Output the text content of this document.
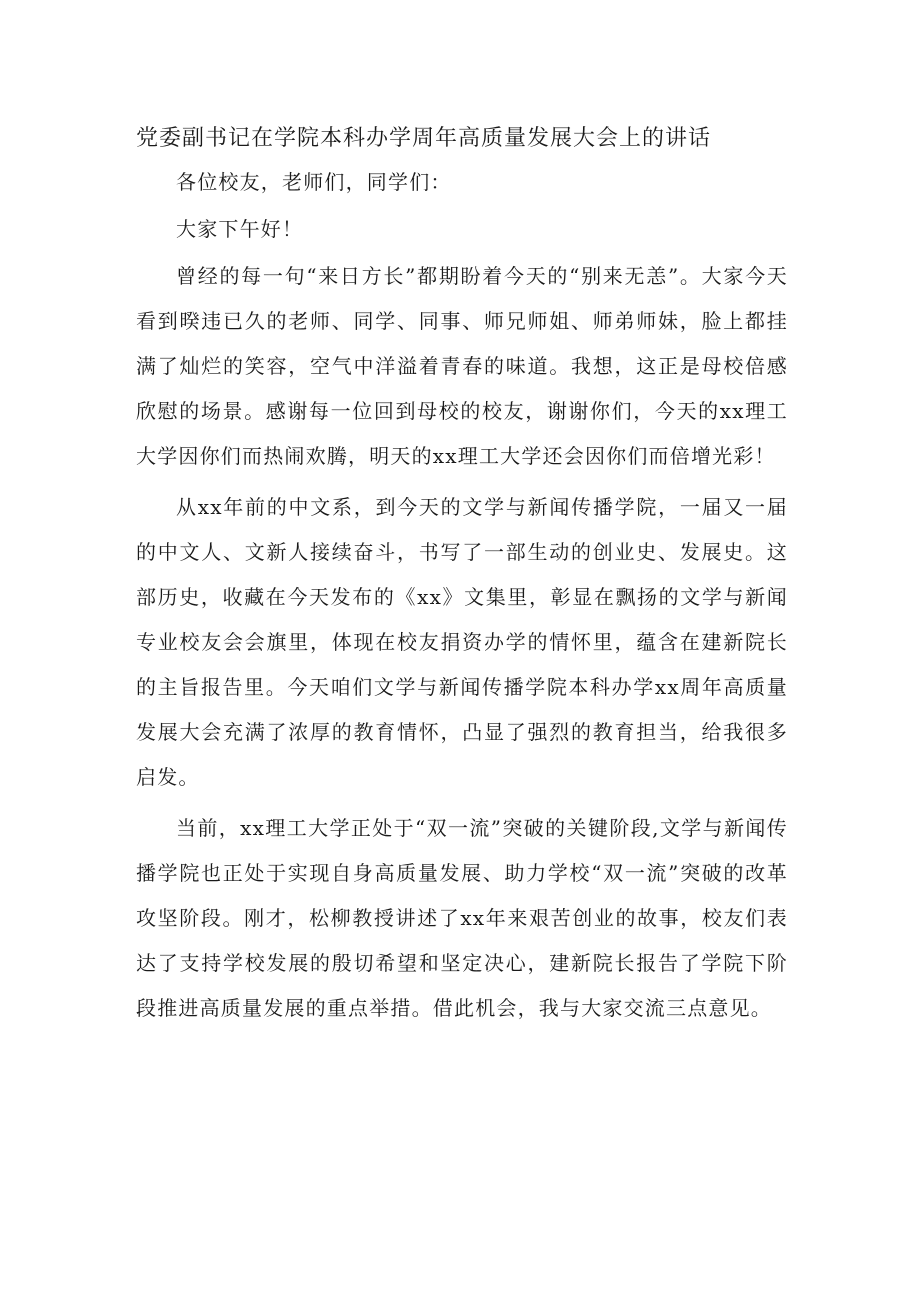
党委副书记在学院本科办学周年高质量发展大会上的讲话

各位校友，老师们，同学们：

大家下午好！

曾经的每一句“来日方长”都期盼着今天的“别来无恙”。大家今天看到暌违已久的老师、同学、同事、师兄师姐、师弟师妹，脸上都挂满了灿烂的笑容，空气中洋溢着青春的味道。我想，这正是母校倍感欣慰的场景。感谢每一位回到母校的校友，谢谢你们，今天的xx理工大学因你们而热闹欢腾，明天的xx理工大学还会因你们而倍增光彩！

从xx年前的中文系，到今天的文学与新闻传播学院，一届又一届的中文人、文新人接续奋斗，书写了一部生动的创业史、发展史。这部历史，收藏在今天发布的《xx》文集里，彰显在飘扬的文学与新闻专业校友会会旗里，体现在校友捐资办学的情怀里，蕴含在建新院长的主旨报告里。今天咱们文学与新闻传播学院本科办学xx周年高质量发展大会充满了浓厚的教育情怀，凸显了强烈的教育担当，给我很多启发。

当前，xx理工大学正处于“双一流”突破的关键阶段,文学与新闻传播学院也正处于实现自身高质量发展、助力学校“双一流”突破的改革攻坚阶段。刚才，松柳教授讲述了xx年来艰苦创业的故事，校友们表达了支持学校发展的殷切希望和坚定决心，建新院长报告了学院下阶段推进高质量发展的重点举措。借此机会，我与大家交流三点意见。
